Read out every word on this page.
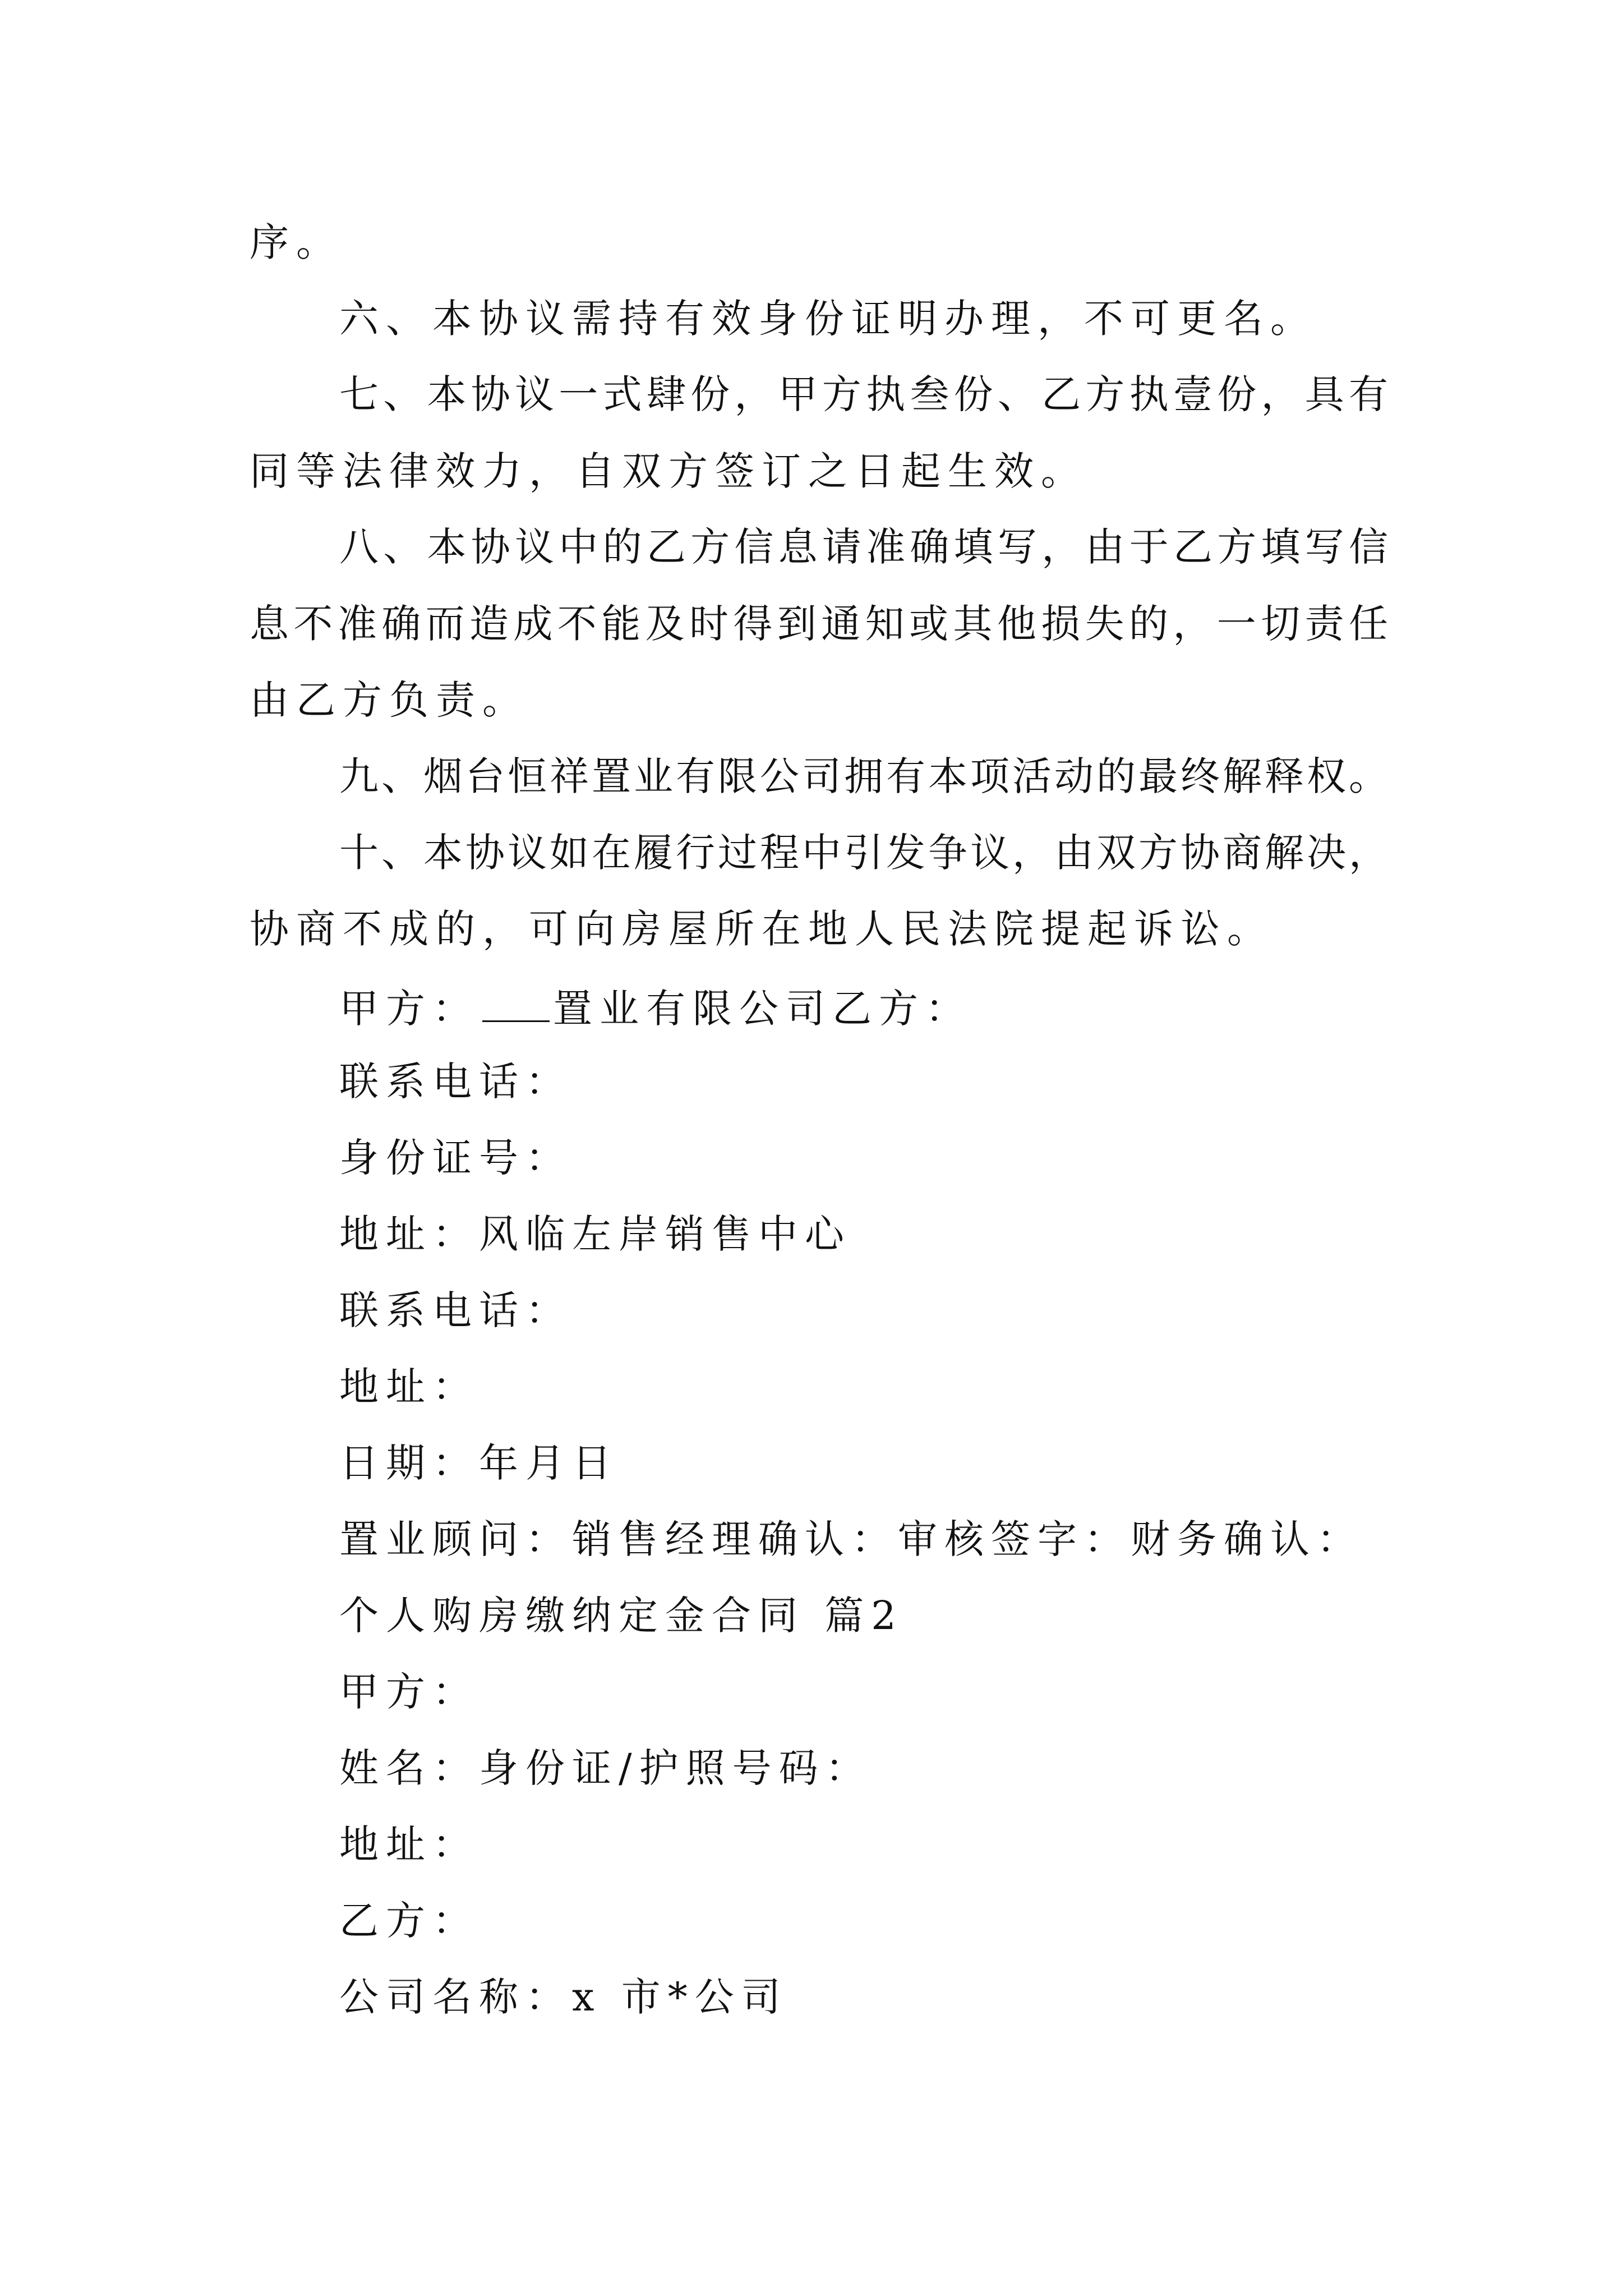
序。
六、本协议需持有效身份证明办理，不可更名。
七、本协议一式肆份，甲方执叁份、乙方执壹份，具有
同等法律效力，自双方签订之日起生效。
八、本协议中的乙方信息请准确填写，由于乙方填写信
息不准确而造成不能及时得到通知或其他损失的，一切责任
由乙方负责。
九、烟台恒祥置业有限公司拥有本项活动的最终解释权。
十、本协议如在履行过程中引发争议，由双方协商解决，
协商不成的，可向房屋所在地人民法院提起诉讼。
甲方： 置业有限公司乙方：
联系电话：
身份证号：
地址：风临左岸销售中心
联系电话：
地址：
日期：年月日
置业顾问：销售经理确认：审核签字：财务确认：
个人购房缴纳定金合同 篇2
甲方：
姓名：身份证/护照号码：
地址：
乙方：
公司名称：x 市*公司
